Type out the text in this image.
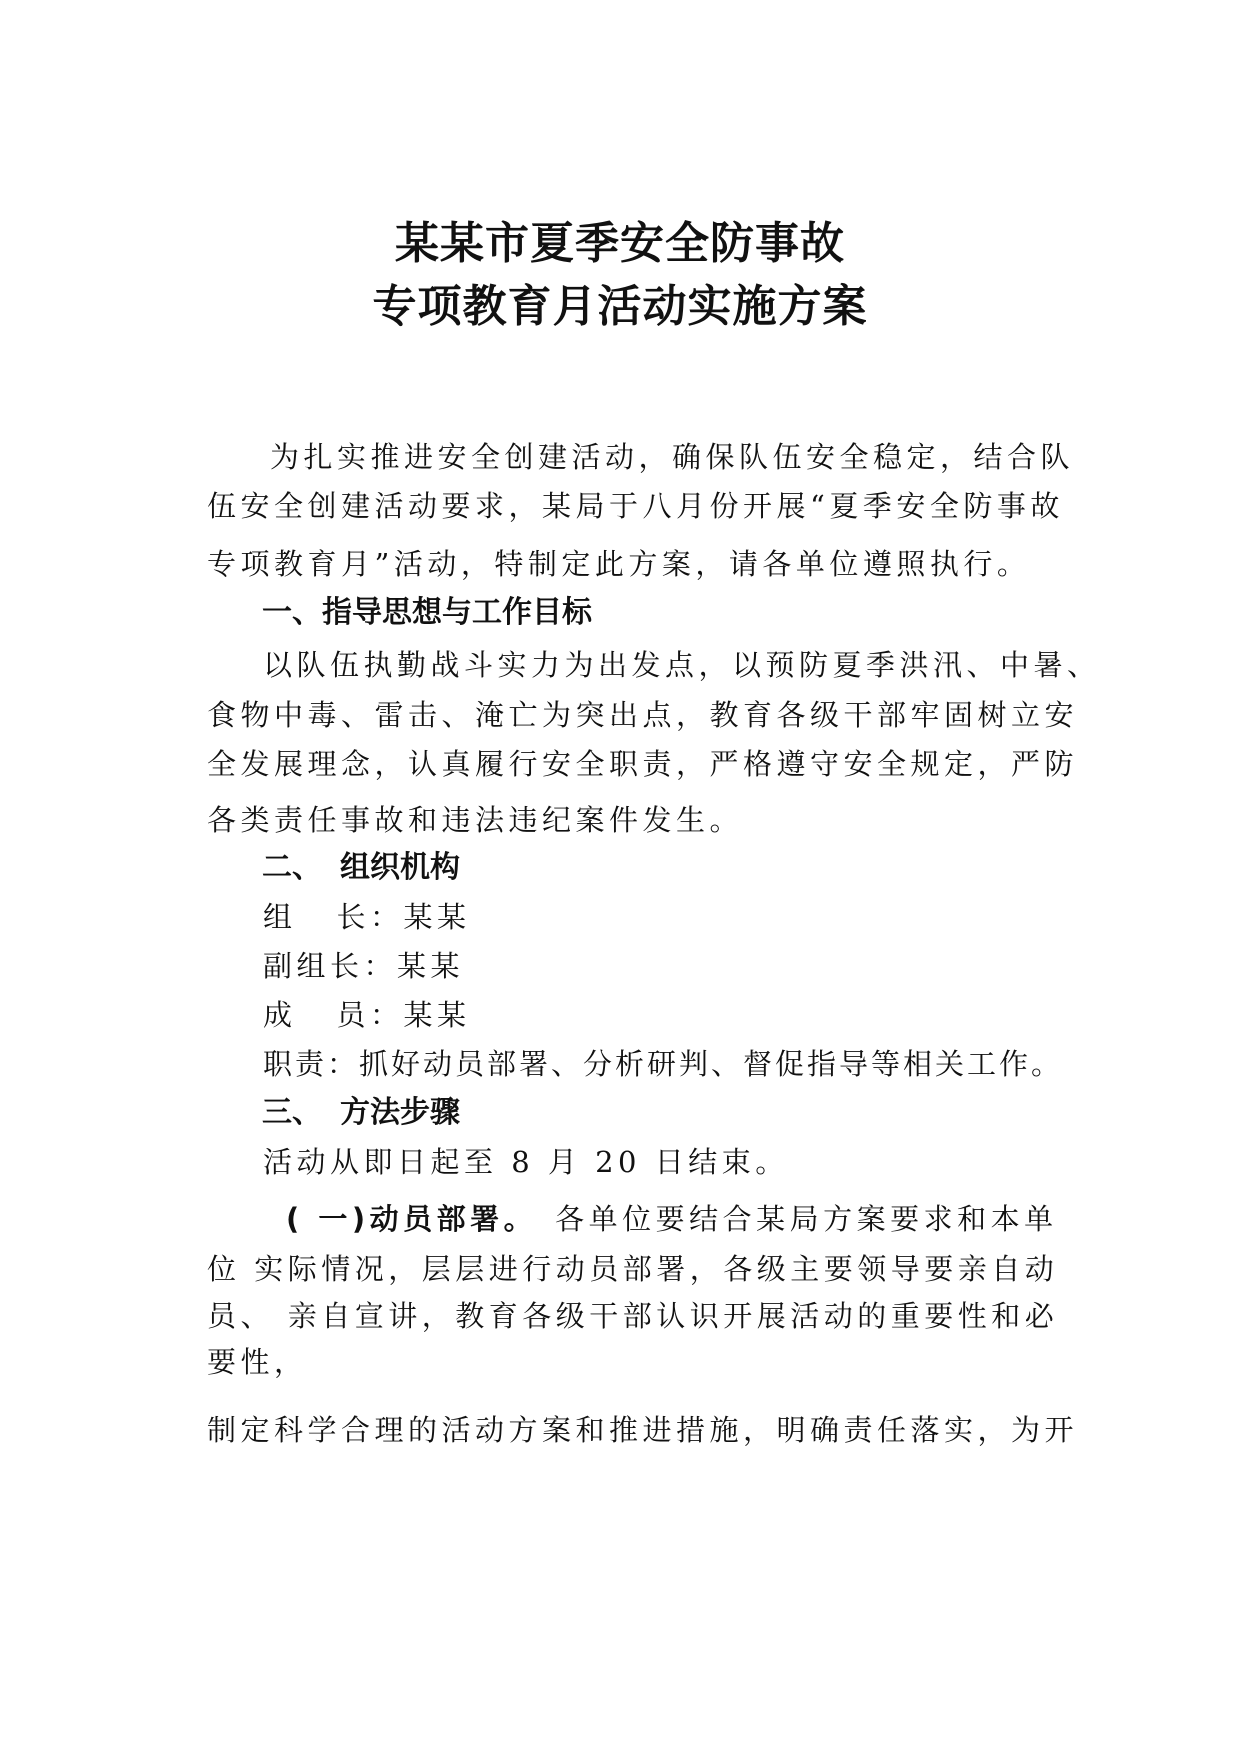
某某市夏季安全防事故
专项教育月活动实施方案
为扎实推进安全创建活动，确保队伍安全稳定，结合队
伍安全创建活动要求，某局于八月份开展“夏季安全防事故
专项教育月”活动，特制定此方案，请各单位遵照执行。
一、指导思想与工作目标
以队伍执勤战斗实力为出发点，以预防夏季洪汛、中暑、
食物中毒、雷击、淹亡为突出点，教育各级干部牢固树立安
全发展理念，认真履行安全职责，严格遵守安全规定，严防
各类责任事故和违法违纪案件发生。
二、 组织机构
组 长：某某
副组长：某某
成 员：某某
职责：抓好动员部署、分析研判、督促指导等相关工作。
三、 方法步骤
活动从即日起至 8 月 20 日结束。
( 一)动员部署。 各单位要结合某局方案要求和本单
位 实际情况，层层进行动员部署，各级主要领导要亲自动
员、 亲自宣讲，教育各级干部认识开展活动的重要性和必
要性，
制定科学合理的活动方案和推进措施，明确责任落实，为开
